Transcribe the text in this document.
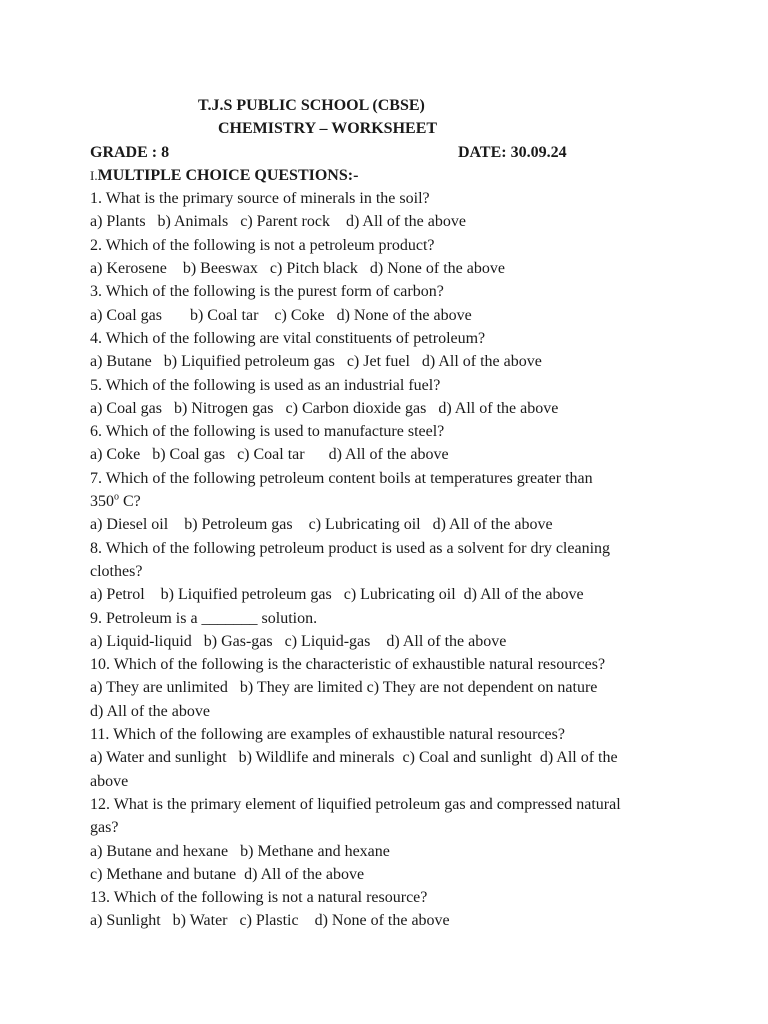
T.J.S PUBLIC SCHOOL (CBSE)

CHEMISTRY – WORKSHEET

GRADE : 8	DATE: 30.09.24

I.MULTIPLE CHOICE QUESTIONS:-

1. What is the primary source of minerals in the soil?

a) Plants   b) Animals   c) Parent rock    d) All of the above

2. Which of the following is not a petroleum product?

a) Kerosene    b) Beeswax   c) Pitch black   d) None of the above

3. Which of the following is the purest form of carbon?

a) Coal gas       b) Coal tar    c) Coke   d) None of the above

4. Which of the following are vital constituents of petroleum?

a) Butane   b) Liquified petroleum gas   c) Jet fuel   d) All of the above

5. Which of the following is used as an industrial fuel?

a) Coal gas   b) Nitrogen gas   c) Carbon dioxide gas   d) All of the above

6. Which of the following is used to manufacture steel?

a) Coke   b) Coal gas   c) Coal tar      d) All of the above

7. Which of the following petroleum content boils at temperatures greater than

350$^o$ C?

a) Diesel oil    b) Petroleum gas    c) Lubricating oil   d) All of the above

8. Which of the following petroleum product is used as a solvent for dry cleaning

clothes?

a) Petrol    b) Liquified petroleum gas   c) Lubricating oil  d) All of the above

9. Petroleum is a _______ solution.

a) Liquid-liquid   b) Gas-gas   c) Liquid-gas    d) All of the above

10. Which of the following is the characteristic of exhaustible natural resources?

a) They are unlimited   b) They are limited c) They are not dependent on nature

d) All of the above

11. Which of the following are examples of exhaustible natural resources?

a) Water and sunlight   b) Wildlife and minerals  c) Coal and sunlight  d) All of the

above

12. What is the primary element of liquified petroleum gas and compressed natural

gas?

a) Butane and hexane   b) Methane and hexane

c) Methane and butane  d) All of the above

13. Which of the following is not a natural resource?

a) Sunlight   b) Water   c) Plastic    d) None of the above
